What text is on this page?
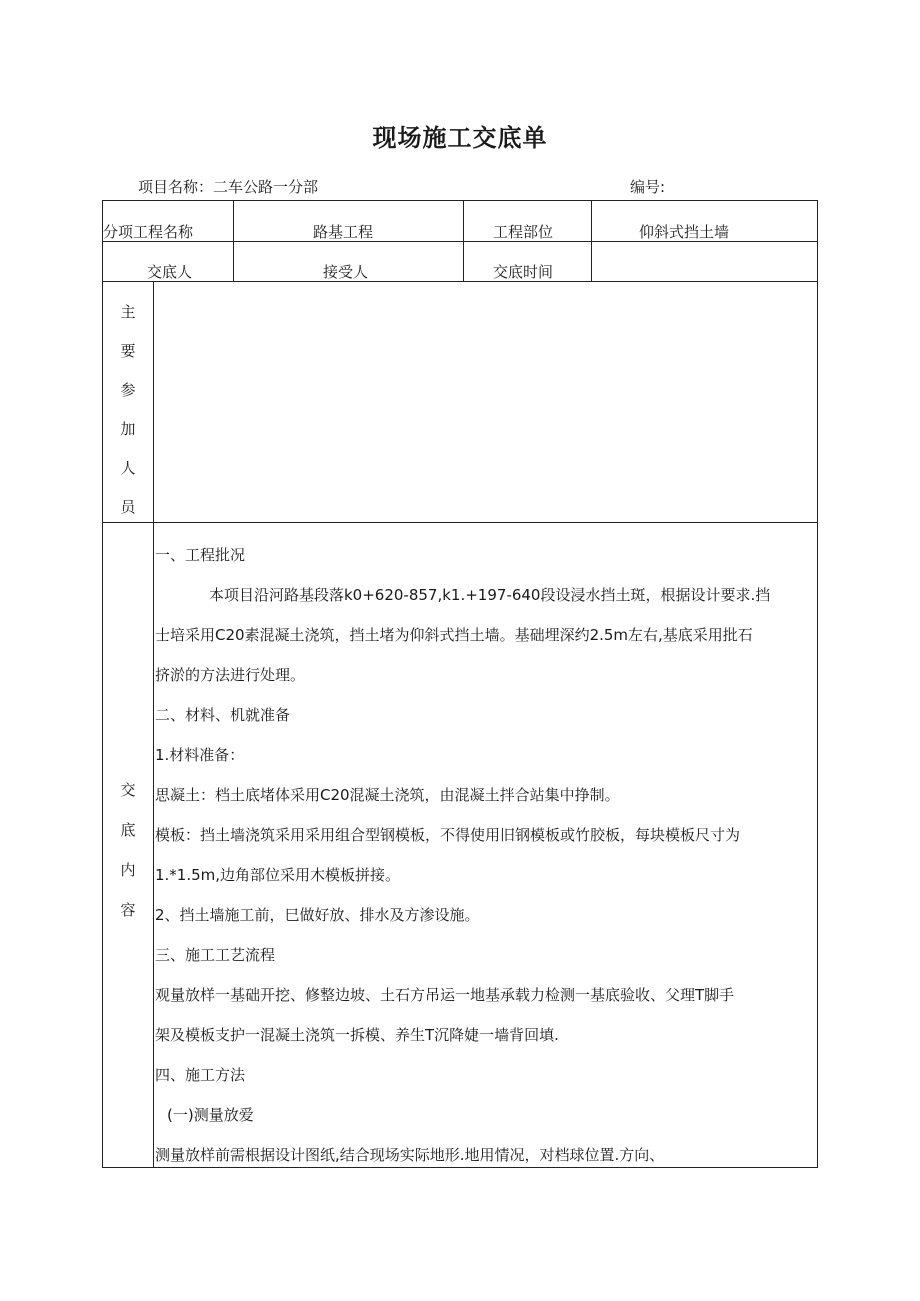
现场施工交底单
项目名称：二车公路一分部	编号:
分项工程名称	路基工程	工程部位	仰斜式挡土墙
交底人	接受人	交底时间
主
要
参
加
人
员
交
底
内
容
一、工程批况
本项目沿河路基段落k0+620-857,k1.+197-640段设浸水挡土斑，根据设计要求.挡
士培采用C20素混凝土浇筑，挡土堵为仰斜式挡土墙。基础埋深约2.5m左右,基底采用批石
挤淤的方法进行处理。
二、材料、机就准备
1.材料准备：
思凝土：档土底堵体采用C20混凝土浇筑，由混凝土拌合站集中挣制。
模板：挡土墙浇筑采用采用组合型钢模板，不得使用旧钢模板或竹胶板，每块模板尺寸为
1.*1.5m,边角部位采用木模板拼接。
2、挡土墙施工前，巳做好放、排水及方渗设施。
三、施工工艺流程
观量放样一基础开挖、修整边坡、土石方吊运一地基承载力检测一基底验收、父理T脚手
架及模板支护一混凝土浇筑一拆模、养生T沉降婕一墙背回填.
四、施工方法
(一)测量放爱
测量放样前需根据设计图纸,结合现场实际地形.地用情况，对档球位置.方向、
